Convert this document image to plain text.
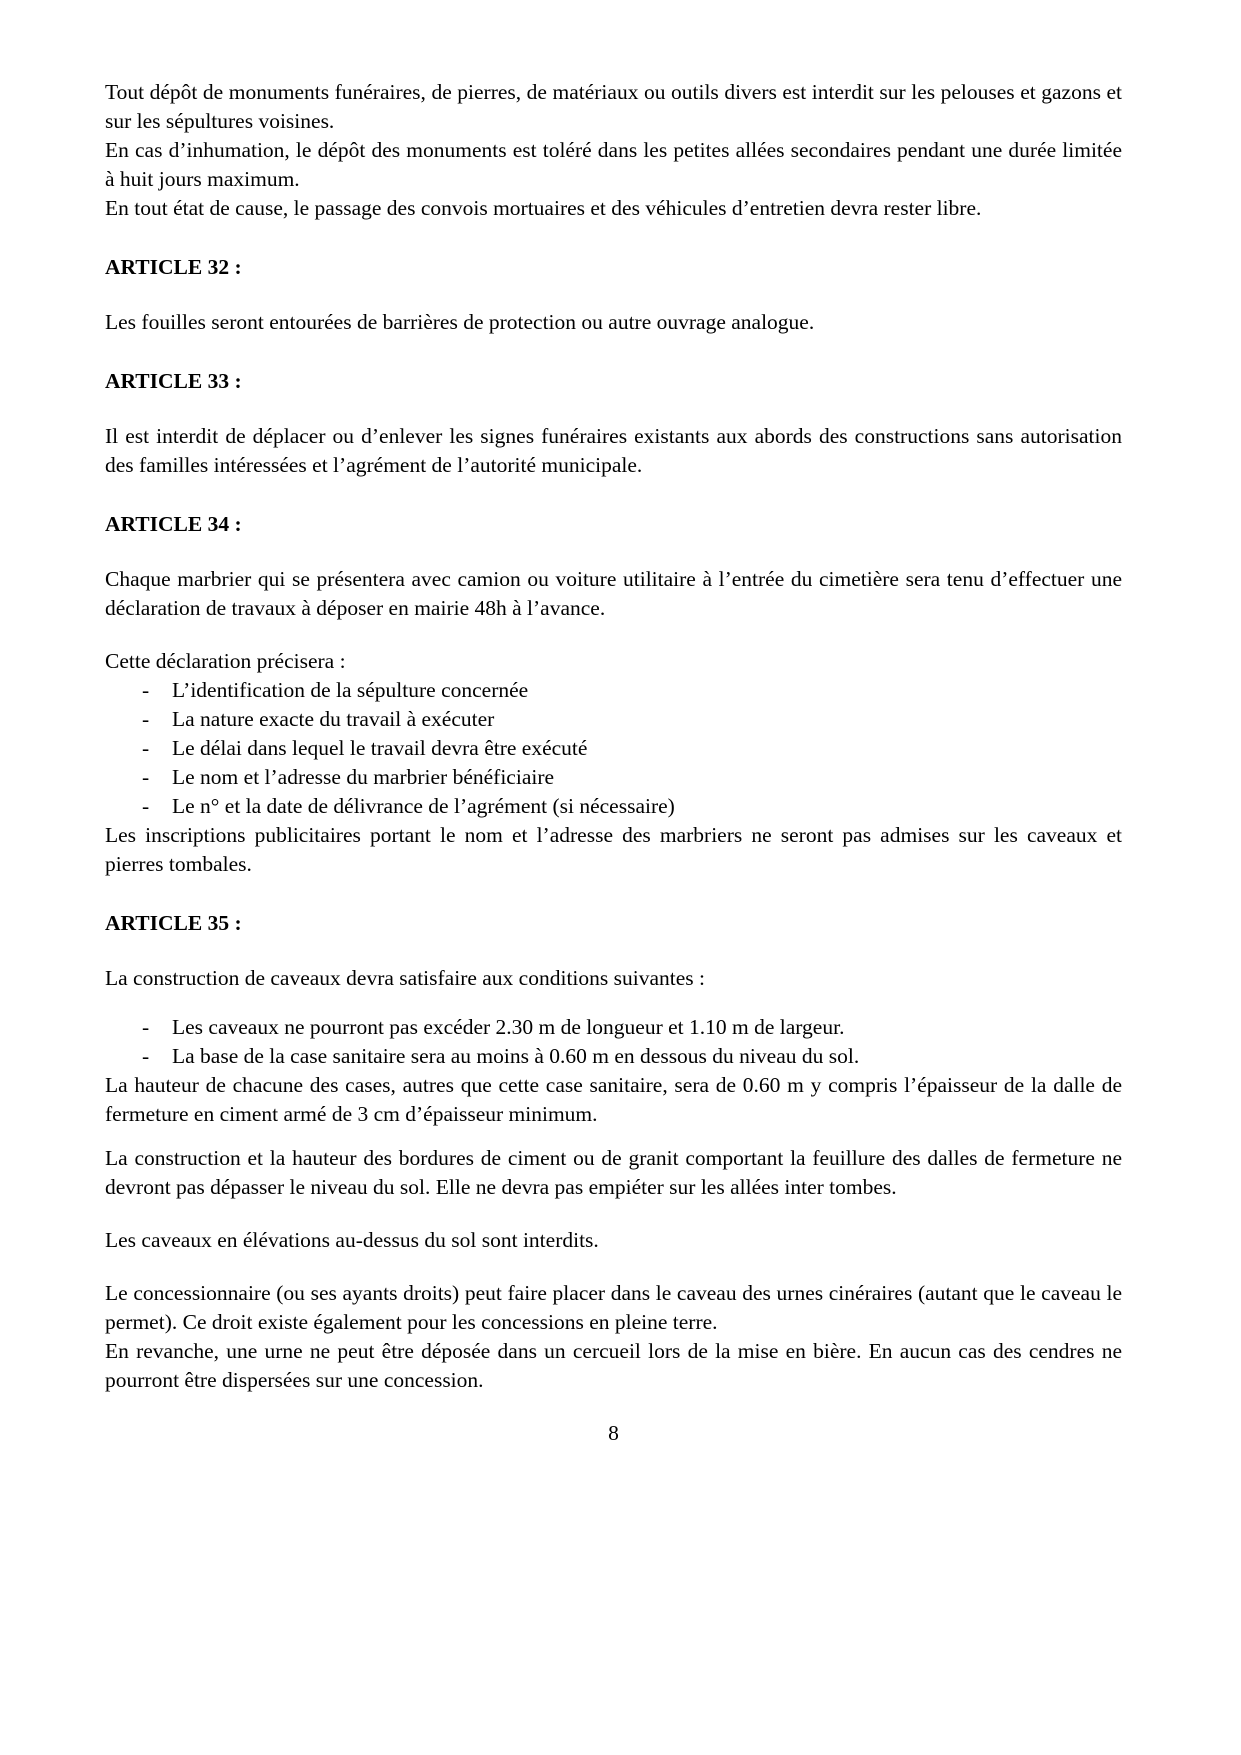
Tout dépôt de monuments funéraires, de pierres, de matériaux ou outils divers est interdit sur les pelouses et gazons et sur les sépultures voisines.

En cas d’inhumation, le dépôt des monuments est toléré dans les petites allées secondaires pendant une durée limitée à huit jours maximum.

En tout état de cause, le passage des convois mortuaires et des véhicules d’entretien devra rester libre.

ARTICLE 32 :

Les fouilles seront entourées de barrières de protection ou autre ouvrage analogue.

ARTICLE 33 :

Il est interdit de déplacer ou d’enlever les signes funéraires existants aux abords des constructions sans autorisation des familles intéressées et l’agrément de l’autorité municipale.

ARTICLE 34 :

Chaque marbrier qui se présentera avec camion ou voiture utilitaire à l’entrée du cimetière sera tenu d’effectuer une déclaration de travaux à déposer en mairie 48h à l’avance.

Cette déclaration précisera :

- L’identification de la sépulture concernée
- La nature exacte du travail à exécuter
- Le délai dans lequel le travail devra être exécuté
- Le nom et l’adresse du marbrier bénéficiaire
- Le n° et la date de délivrance de l’agrément (si nécessaire)

Les inscriptions publicitaires portant le nom et l’adresse des marbriers ne seront pas admises sur les caveaux et pierres tombales.

ARTICLE 35 :

La construction de caveaux devra satisfaire aux conditions suivantes :

- Les caveaux ne pourront pas excéder 2.30 m de longueur et 1.10 m de largeur.
- La base de la case sanitaire sera au moins à 0.60 m en dessous du niveau du sol.

La hauteur de chacune des cases, autres que cette case sanitaire, sera de 0.60 m y compris l’épaisseur de la dalle de fermeture en ciment armé de 3 cm d’épaisseur minimum.

La construction et la hauteur des bordures de ciment ou de granit comportant la feuillure des dalles de fermeture ne devront pas dépasser le niveau du sol. Elle ne devra pas empiéter sur les allées inter tombes.

Les caveaux en élévations au-dessus du sol sont interdits.

Le concessionnaire (ou ses ayants droits) peut faire placer dans le caveau des urnes cinéraires (autant que le caveau le permet). Ce droit existe également pour les concessions en pleine terre.

En revanche, une urne ne peut être déposée dans un cercueil lors de la mise en bière. En aucun cas des cendres ne pourront être dispersées sur une concession.

8
